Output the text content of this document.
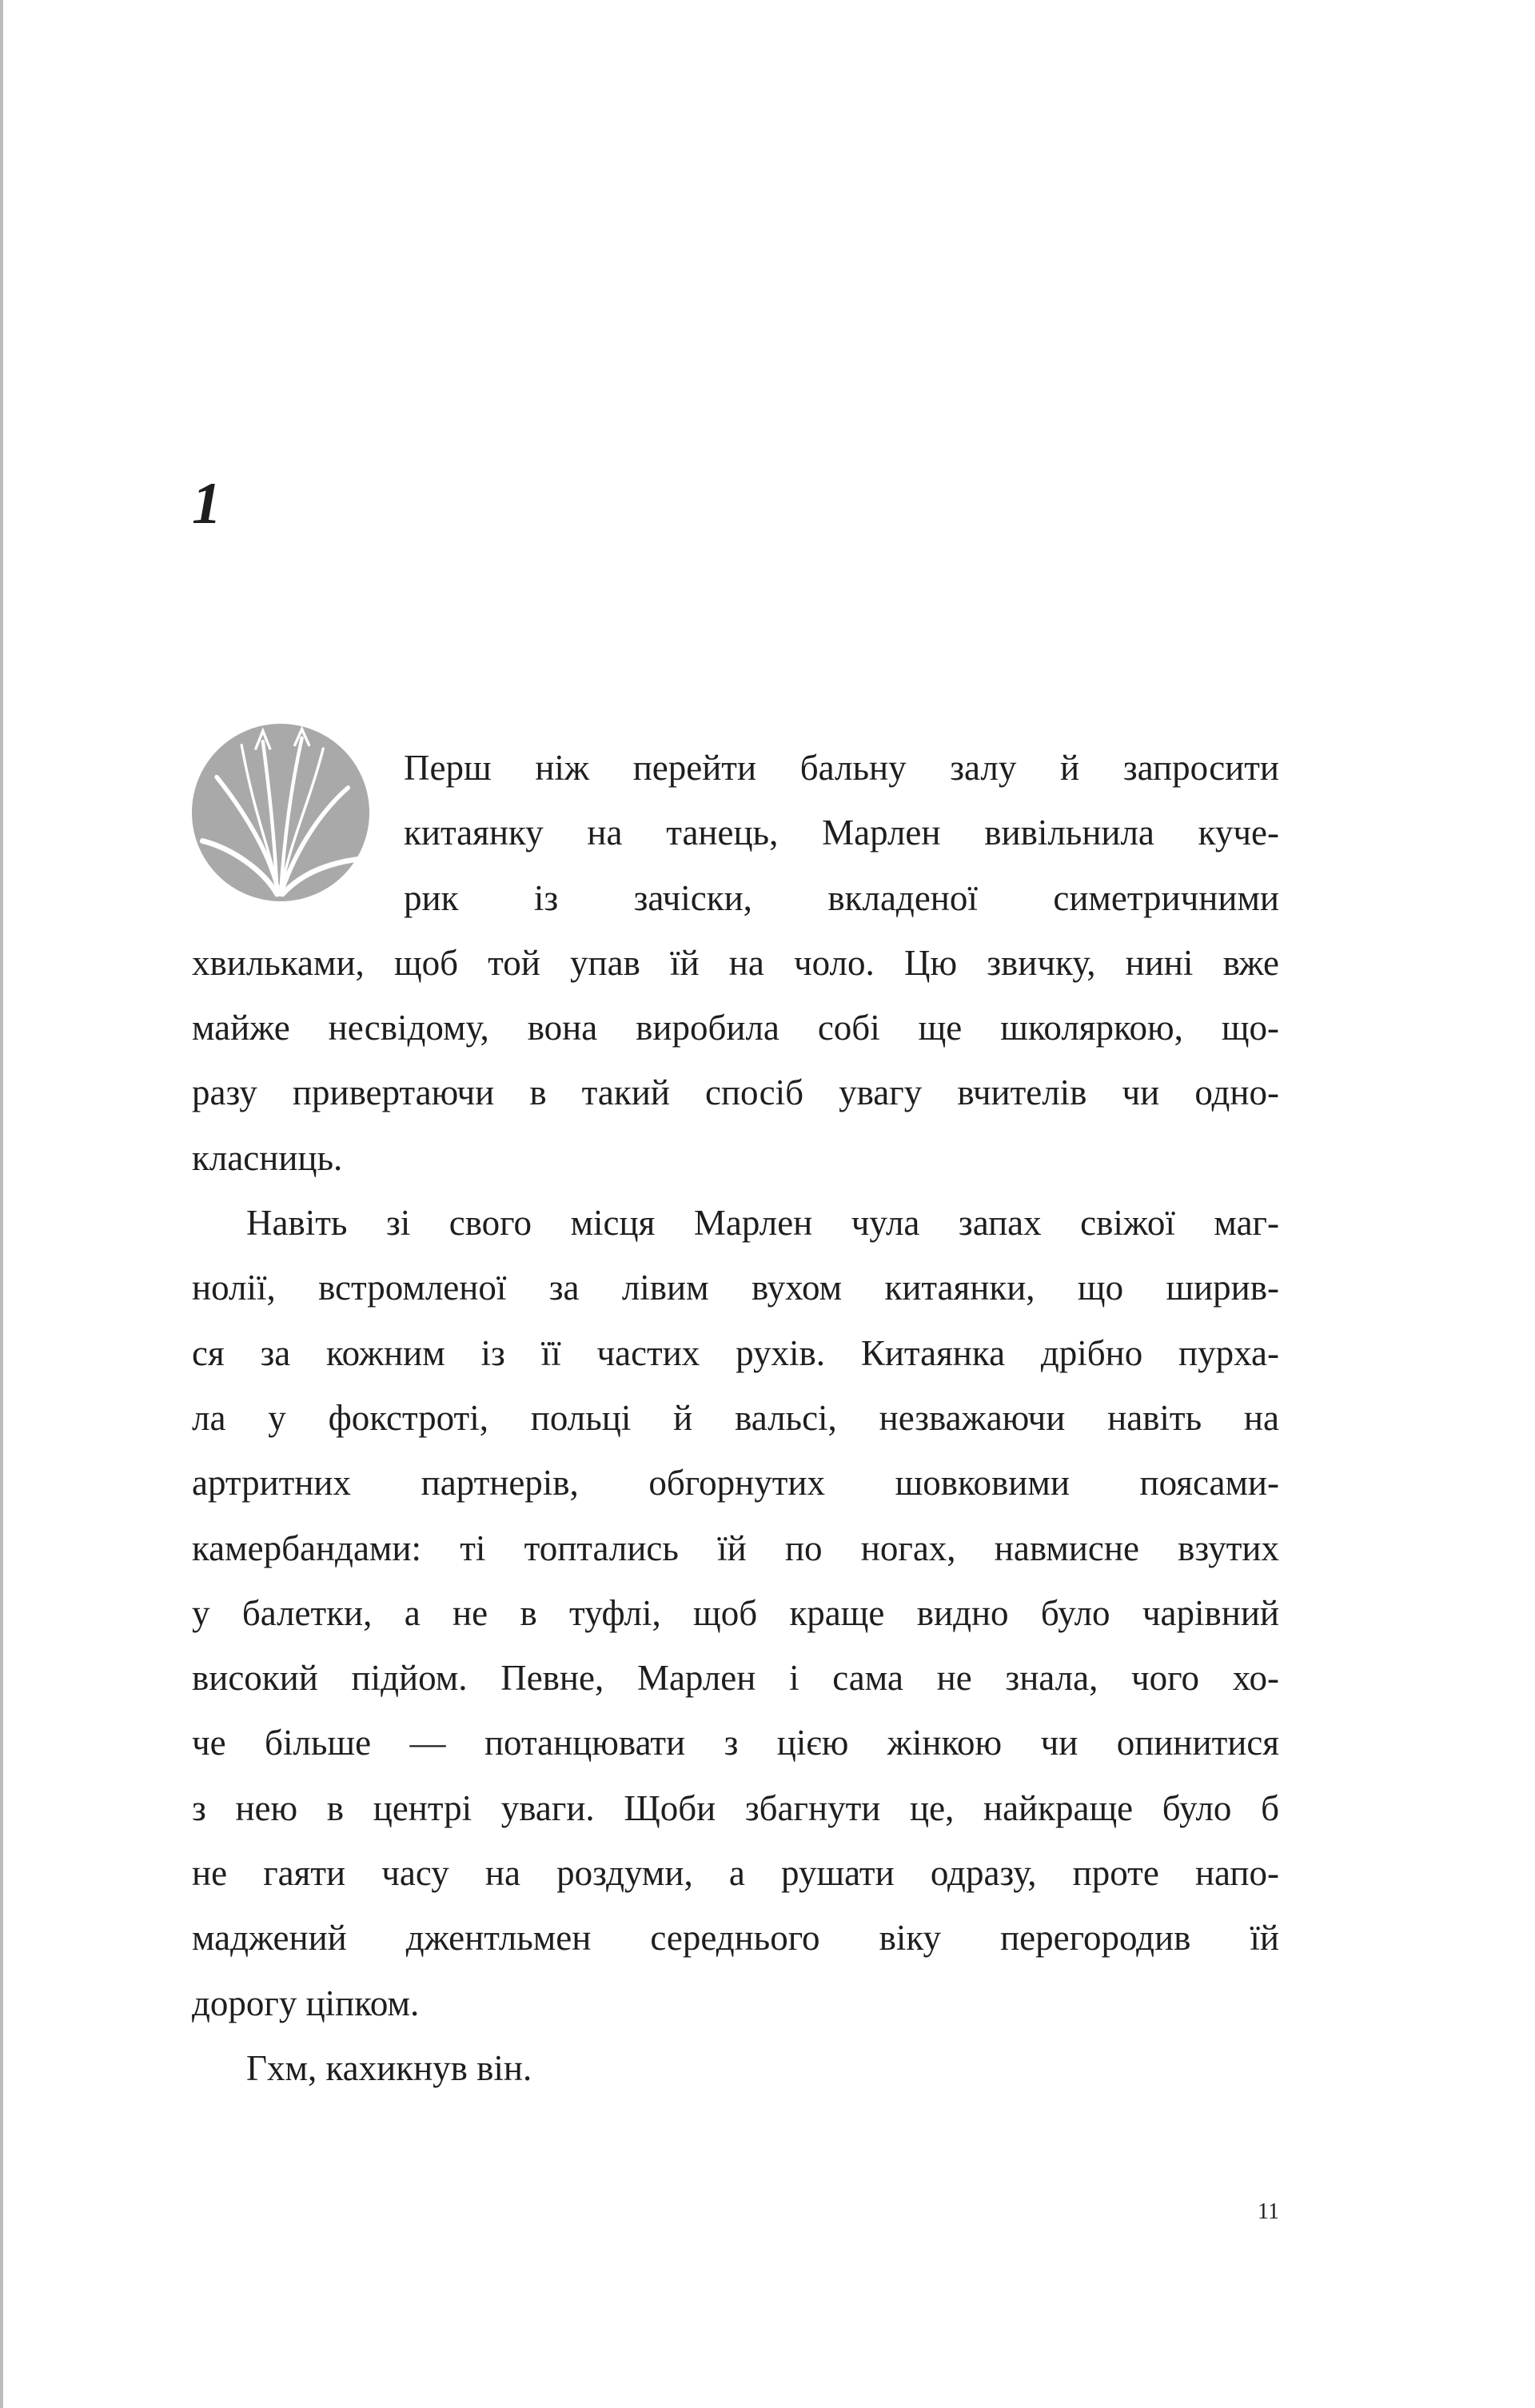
1
Перш ніж перейти бальну залу й запросити
китаянку на танець, Марлен вивільнила куче-
рик із зачіски, вкладеної симетричними
хвильками, щоб той упав їй на чоло. Цю звичку, нині вже
майже несвідому, вона виробила собі ще школяркою, що-
разу привертаючи в такий спосіб увагу вчителів чи одно-
класниць.
Навіть зі свого місця Марлен чула запах свіжої маг-
нолії, встромленої за лівим вухом китаянки, що ширив-
ся за кожним із її частих рухів. Китаянка дрібно пурха-
ла у фокстроті, польці й вальсі, незважаючи навіть на
артритних партнерів, обгорнутих шовковими поясами-
камербандами: ті топтались їй по ногах, навмисне взутих
у балетки, а не в туфлі, щоб краще видно було чарівний
високий підйом. Певне, Марлен і сама не знала, чого хо-
че більше — потанцювати з цією жінкою чи опинитися
з нею в центрі уваги. Щоби збагнути це, найкраще було б
не гаяти часу на роздуми, а рушати одразу, проте напо-
маджений джентльмен середнього віку перегородив їй
дорогу ціпком.
Гхм, кахикнув він.
11
